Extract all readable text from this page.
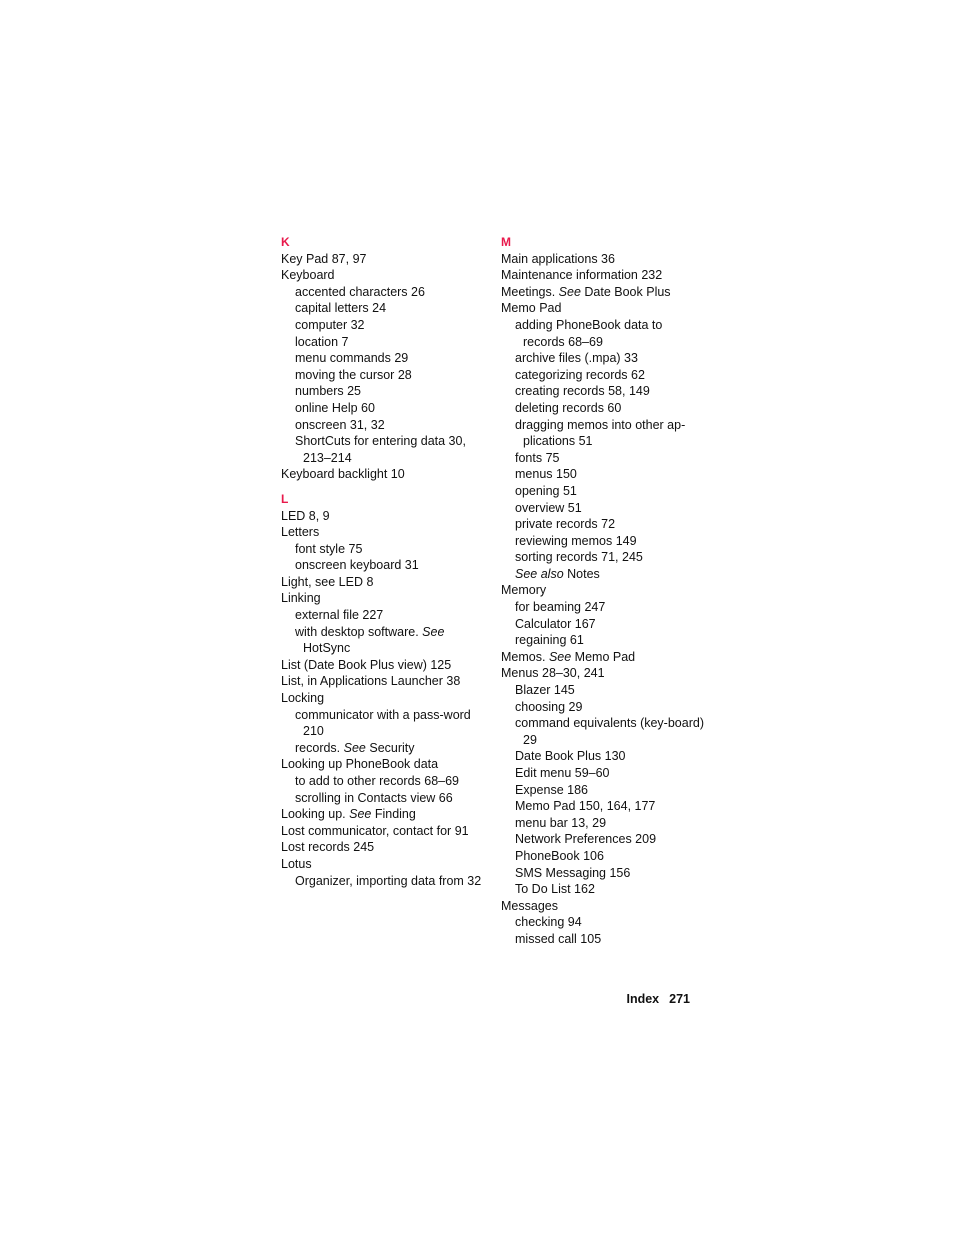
K
Key Pad 87, 97
Keyboard
accented characters 26
capital letters 24
computer 32
location 7
menu commands 29
moving the cursor 28
numbers 25
online Help 60
onscreen 31, 32
ShortCuts for entering data 30, 213–214
Keyboard backlight 10
L
LED 8, 9
Letters
font style 75
onscreen keyboard 31
Light, see LED 8
Linking
external file 227
with desktop software. See HotSync
List (Date Book Plus view) 125
List, in Applications Launcher 38
Locking
communicator with a pass-word 210
records. See Security
Looking up PhoneBook data
to add to other records 68–69
scrolling in Contacts view 66
Looking up. See Finding
Lost communicator, contact for 91
Lost records 245
Lotus
Organizer, importing data from 32
M
Main applications 36
Maintenance information 232
Meetings. See Date Book Plus
Memo Pad
adding PhoneBook data to records 68–69
archive files (.mpa) 33
categorizing records 62
creating records 58, 149
deleting records 60
dragging memos into other ap-plications 51
fonts 75
menus 150
opening 51
overview 51
private records 72
reviewing memos 149
sorting records 71, 245
See also Notes
Memory
for beaming 247
Calculator 167
regaining 61
Memos. See Memo Pad
Menus 28–30, 241
Blazer 145
choosing 29
command equivalents (key-board) 29
Date Book Plus 130
Edit menu 59–60
Expense 186
Memo Pad 150, 164, 177
menu bar 13, 29
Network Preferences 209
PhoneBook 106
SMS Messaging 156
To Do List 162
Messages
checking 94
missed call 105
Index 271
